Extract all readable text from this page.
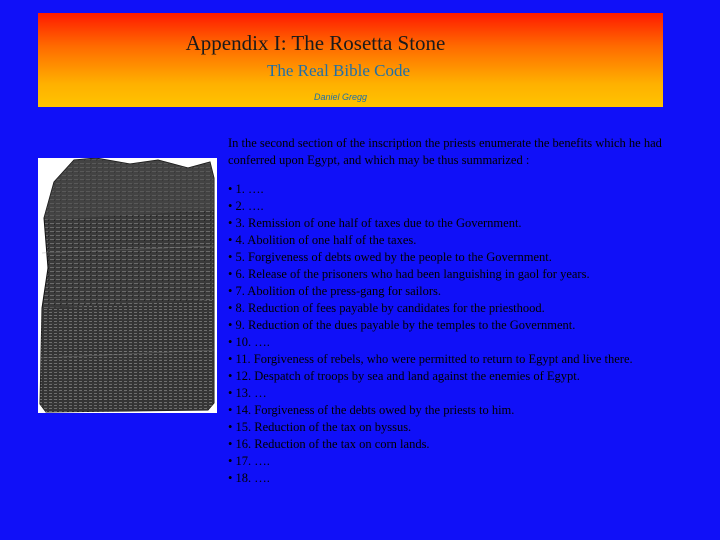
Appendix I: The Rosetta Stone
The Real Bible Code
Daniel Gregg

In the second section of the inscription the priests enumerate the benefits which he had conferred upon Egypt, and which may be thus summarized :

• 1. ….
• 2. ….
• 3. Remission of one half of taxes due to the Government.
• 4. Abolition of one half of the taxes.
• 5. Forgiveness of debts owed by the people to the Government.
• 6. Release of the prisoners who had been languishing in gaol for years.
• 7. Abolition of the press-gang for sailors.
• 8. Reduction of fees payable by candidates for the priesthood.
• 9. Reduction of the dues payable by the temples to the Government.
• 10. ….
• 11. Forgiveness of rebels, who were permitted to return to Egypt and live there.
• 12. Despatch of troops by sea and land against the enemies of Egypt.
• 13. …
• 14. Forgiveness of the debts owed by the priests to him.
• 15. Reduction of the tax on byssus.
• 16. Reduction of the tax on corn lands.
• 17. ….
• 18. ….
